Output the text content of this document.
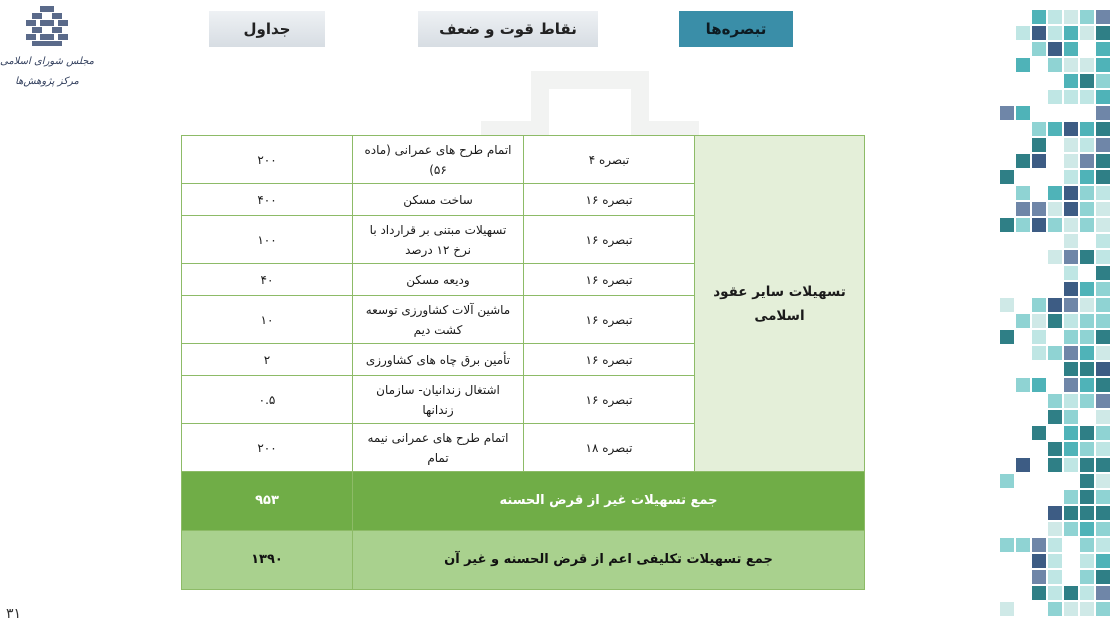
مجلس شورای اسلامی
مرکز پژوهش‌ها
جداول	نقاط قوت و ضعف	تبصره‌ها
تسهیلات سایر عقود اسلامی	تبصره ۴	اتمام طرح های عمرانی (ماده ۵۶)	۲۰۰
	تبصره ۱۶	ساخت مسکن	۴۰۰
	تبصره ۱۶	تسهیلات مبتنی بر قرارداد با نرخ ۱۲ درصد	۱۰۰
	تبصره ۱۶	ودیعه مسکن	۴۰
	تبصره ۱۶	ماشین آلات کشاورزی توسعه کشت دیم	۱۰
	تبصره ۱۶	تأمین برق چاه های کشاورزی	۲
	تبصره ۱۶	اشتغال زندانیان- سازمان زندانها	۰.۵
	تبصره ۱۸	اتمام طرح های عمرانی نیمه تمام	۲۰۰
جمع تسهیلات غیر از قرض الحسنه			۹۵۳
جمع تسهیلات تکلیفی اعم از قرض الحسنه و غیر آن			۱۳۹۰
۳۱
